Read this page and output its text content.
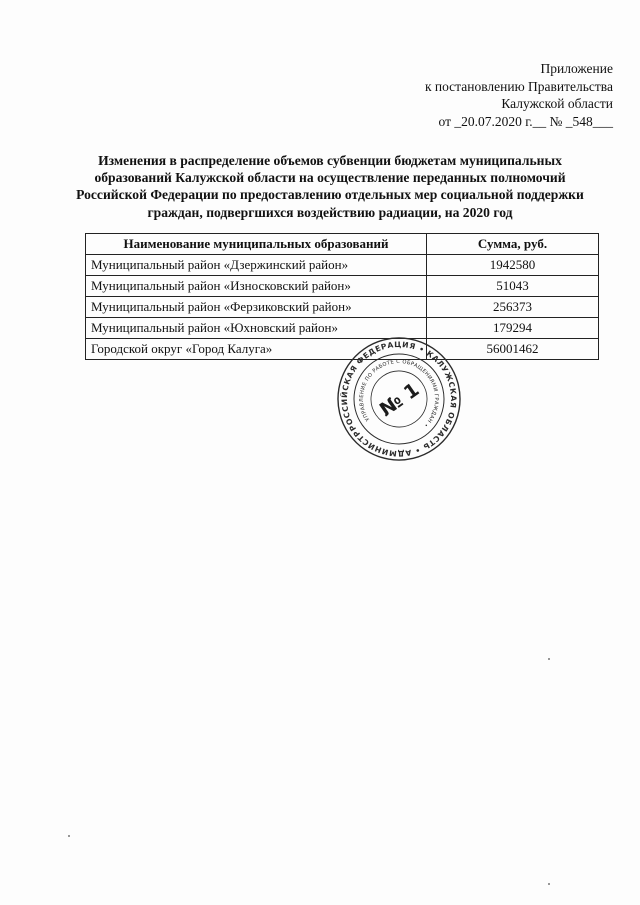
Приложение
к постановлению Правительства
Калужской области
от _20.07.2020 г.__ № _548___
Изменения в распределение объемов субвенции бюджетам муниципальных
образований Калужской области на осуществление переданных полномочий
Российской Федерации по предоставлению отдельных мер социальной поддержки
граждан, подвергшихся воздействию радиации, на 2020 год
Наименование муниципальных образований	Сумма, руб.
Муниципальный район «Дзержинский район»	1942580
Муниципальный район «Износковский район»	51043
Муниципальный район «Ферзиковский район»	256373
Муниципальный район «Юхновский район»	179294
Городской округ «Город Калуга»	56001462
РОССИЙСКАЯ ФЕДЕРАЦИЯ • КАЛУЖСКАЯ ОБЛАСТЬ • АДМИНИСТРАЦИЯ
УПРАВЛЕНИЕ ПО РАБОТЕ С ОБРАЩЕНИЯМИ ГРАЖДАН •
№ 1
